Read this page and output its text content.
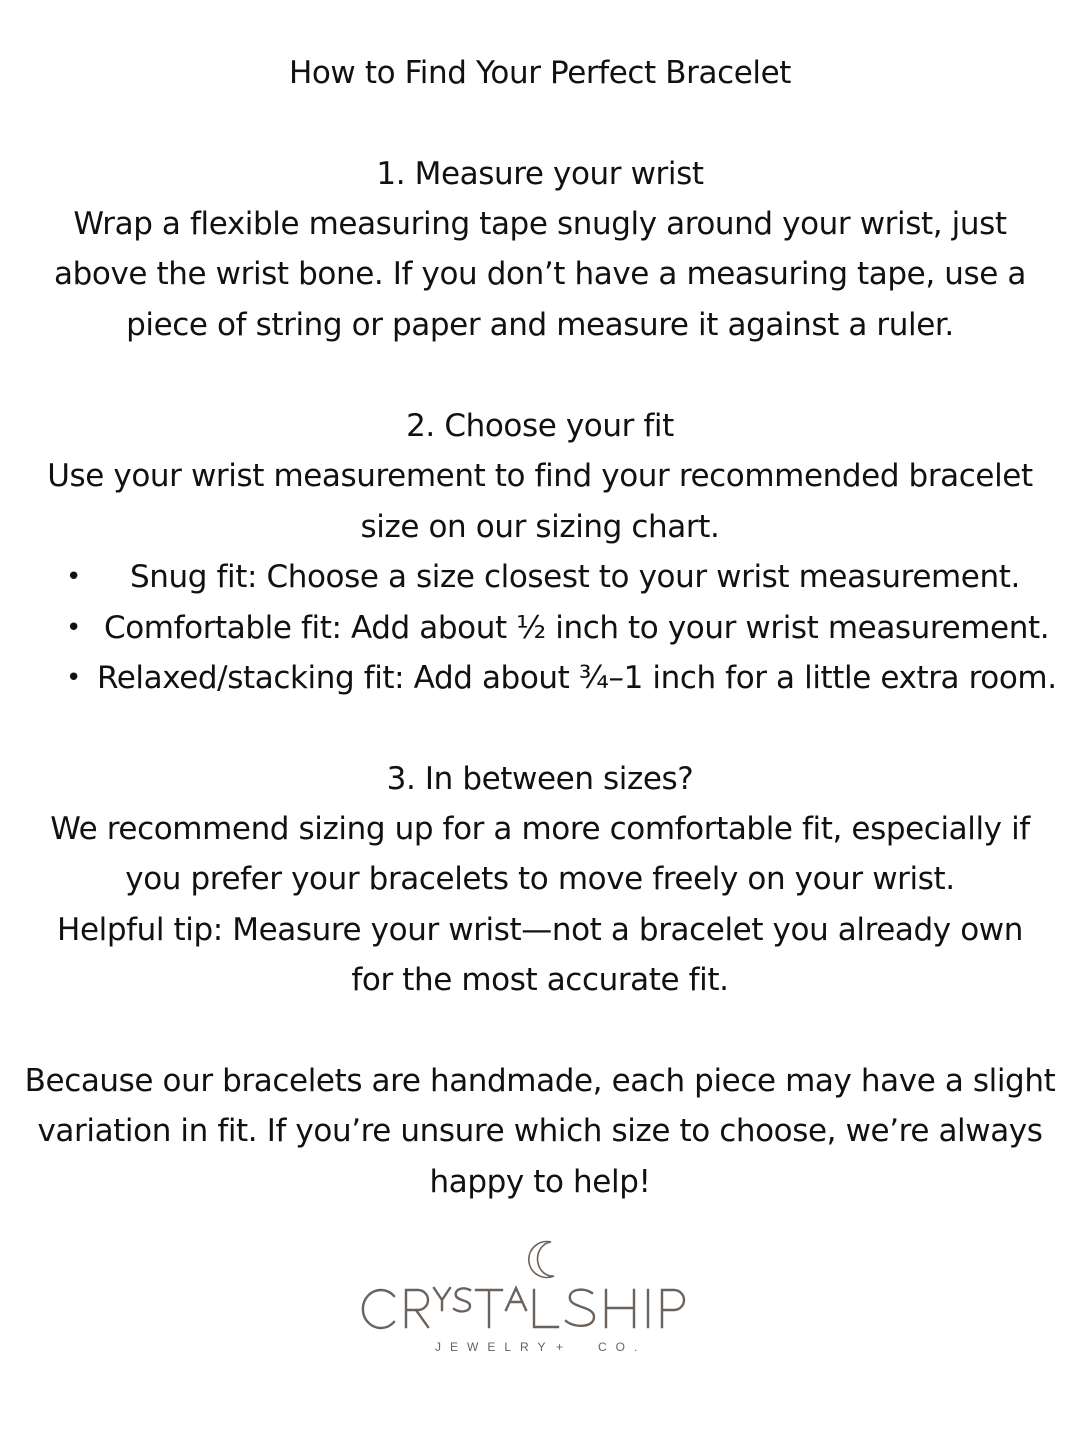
How to Find Your Perfect Bracelet
1. Measure your wrist
Wrap a flexible measuring tape snugly around your wrist, just
above the wrist bone. If you don’t have a measuring tape, use a
piece of string or paper and measure it against a ruler.
2. Choose your fit
Use your wrist measurement to find your recommended bracelet
size on our sizing chart.
• Snug fit: Choose a size closest to your wrist measurement.
• Comfortable fit: Add about ½ inch to your wrist measurement.
• Relaxed/stacking fit: Add about ¾–1 inch for a little extra room.
3. In between sizes?
We recommend sizing up for a more comfortable fit, especially if
you prefer your bracelets to move freely on your wrist.
Helpful tip: Measure your wrist—not a bracelet you already own
for the most accurate fit.
Because our bracelets are handmade, each piece may have a slight
variation in fit. If you’re unsure which size to choose, we’re always
happy to help!
JEWELRY + CO.
